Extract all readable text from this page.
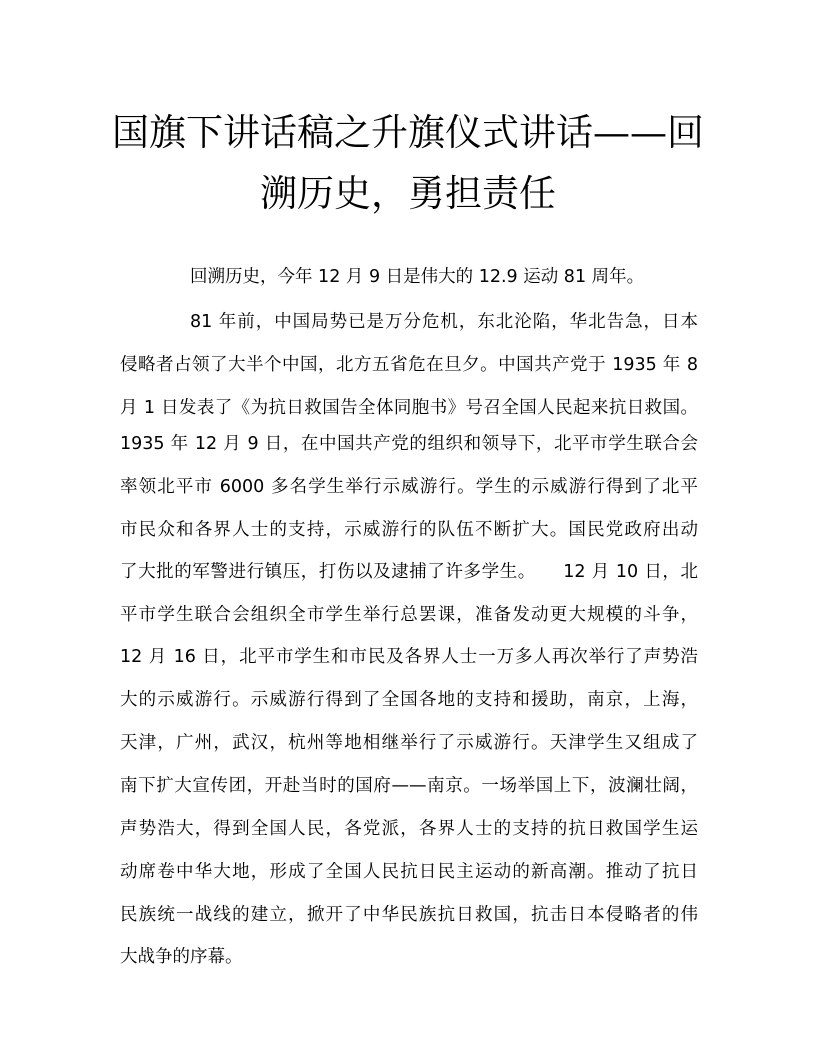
国旗下讲话稿之升旗仪式讲话——回
溯历史，勇担责任
回溯历史，今年 12 月 9 日是伟大的 12.9 运动 81 周年。
81 年前，中国局势已是万分危机，东北沦陷，华北告急，日本
侵略者占领了大半个中国，北方五省危在旦夕。中国共产党于 1935 年 8
月 1 日发表了《为抗日救国告全体同胞书》号召全国人民起来抗日救国。
1935 年 12 月 9 日，在中国共产党的组织和领导下，北平市学生联合会
率领北平市 6000 多名学生举行示威游行。学生的示威游行得到了北平
市民众和各界人士的支持，示威游行的队伍不断扩大。国民党政府出动
了大批的军警进行镇压，打伤以及逮捕了许多学生。　　12 月 10 日，北
平市学生联合会组织全市学生举行总罢课，准备发动更大规模的斗争，
12 月 16 日，北平市学生和市民及各界人士一万多人再次举行了声势浩
大的示威游行。示威游行得到了全国各地的支持和援助，南京，上海，
天津，广州，武汉，杭州等地相继举行了示威游行。天津学生又组成了
南下扩大宣传团，开赴当时的国府——南京。一场举国上下，波澜壮阔，
声势浩大，得到全国人民，各党派，各界人士的支持的抗日救国学生运
动席卷中华大地，形成了全国人民抗日民主运动的新高潮。推动了抗日
民族统一战线的建立，掀开了中华民族抗日救国，抗击日本侵略者的伟
大战争的序幕。
